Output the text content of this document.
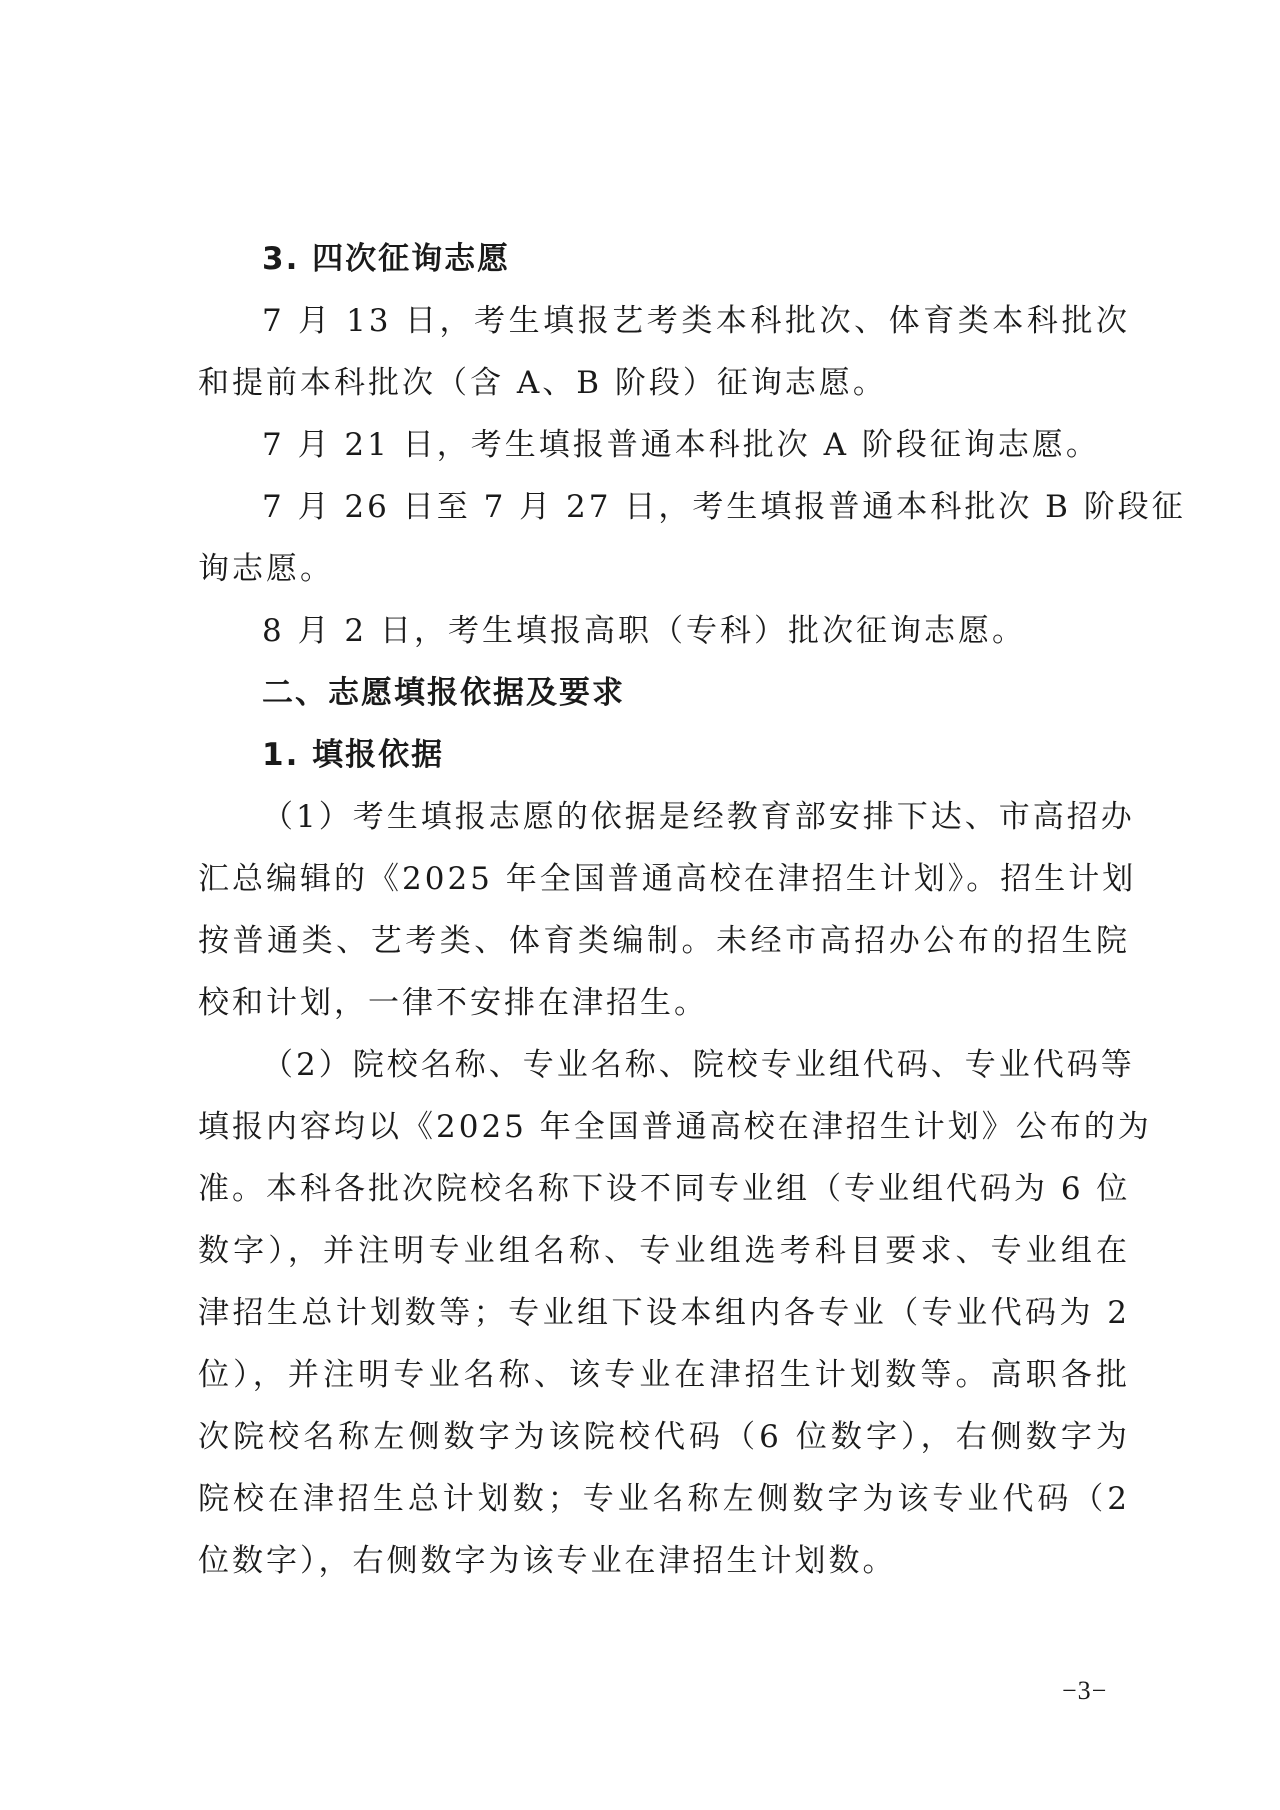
3. 四次征询志愿
7 月 13 日，考生填报艺考类本科批次、体育类本科批次
和提前本科批次（含 A、B 阶段）征询志愿。
7 月 21 日，考生填报普通本科批次 A 阶段征询志愿。
7 月 26 日至 7 月 27 日，考生填报普通本科批次 B 阶段征
询志愿。
8 月 2 日，考生填报高职（专科）批次征询志愿。
二、志愿填报依据及要求
1. 填报依据
（1）考生填报志愿的依据是经教育部安排下达、市高招办
汇总编辑的《2025 年全国普通高校在津招生计划》。招生计划
按普通类、艺考类、体育类编制。未经市高招办公布的招生院
校和计划，一律不安排在津招生。
（2）院校名称、专业名称、院校专业组代码、专业代码等
填报内容均以《2025 年全国普通高校在津招生计划》公布的为
准。本科各批次院校名称下设不同专业组（专业组代码为 6 位
数字），并注明专业组名称、专业组选考科目要求、专业组在
津招生总计划数等；专业组下设本组内各专业（专业代码为 2
位），并注明专业名称、该专业在津招生计划数等。高职各批
次院校名称左侧数字为该院校代码（6 位数字），右侧数字为
院校在津招生总计划数；专业名称左侧数字为该专业代码（2
位数字），右侧数字为该专业在津招生计划数。
−3−
